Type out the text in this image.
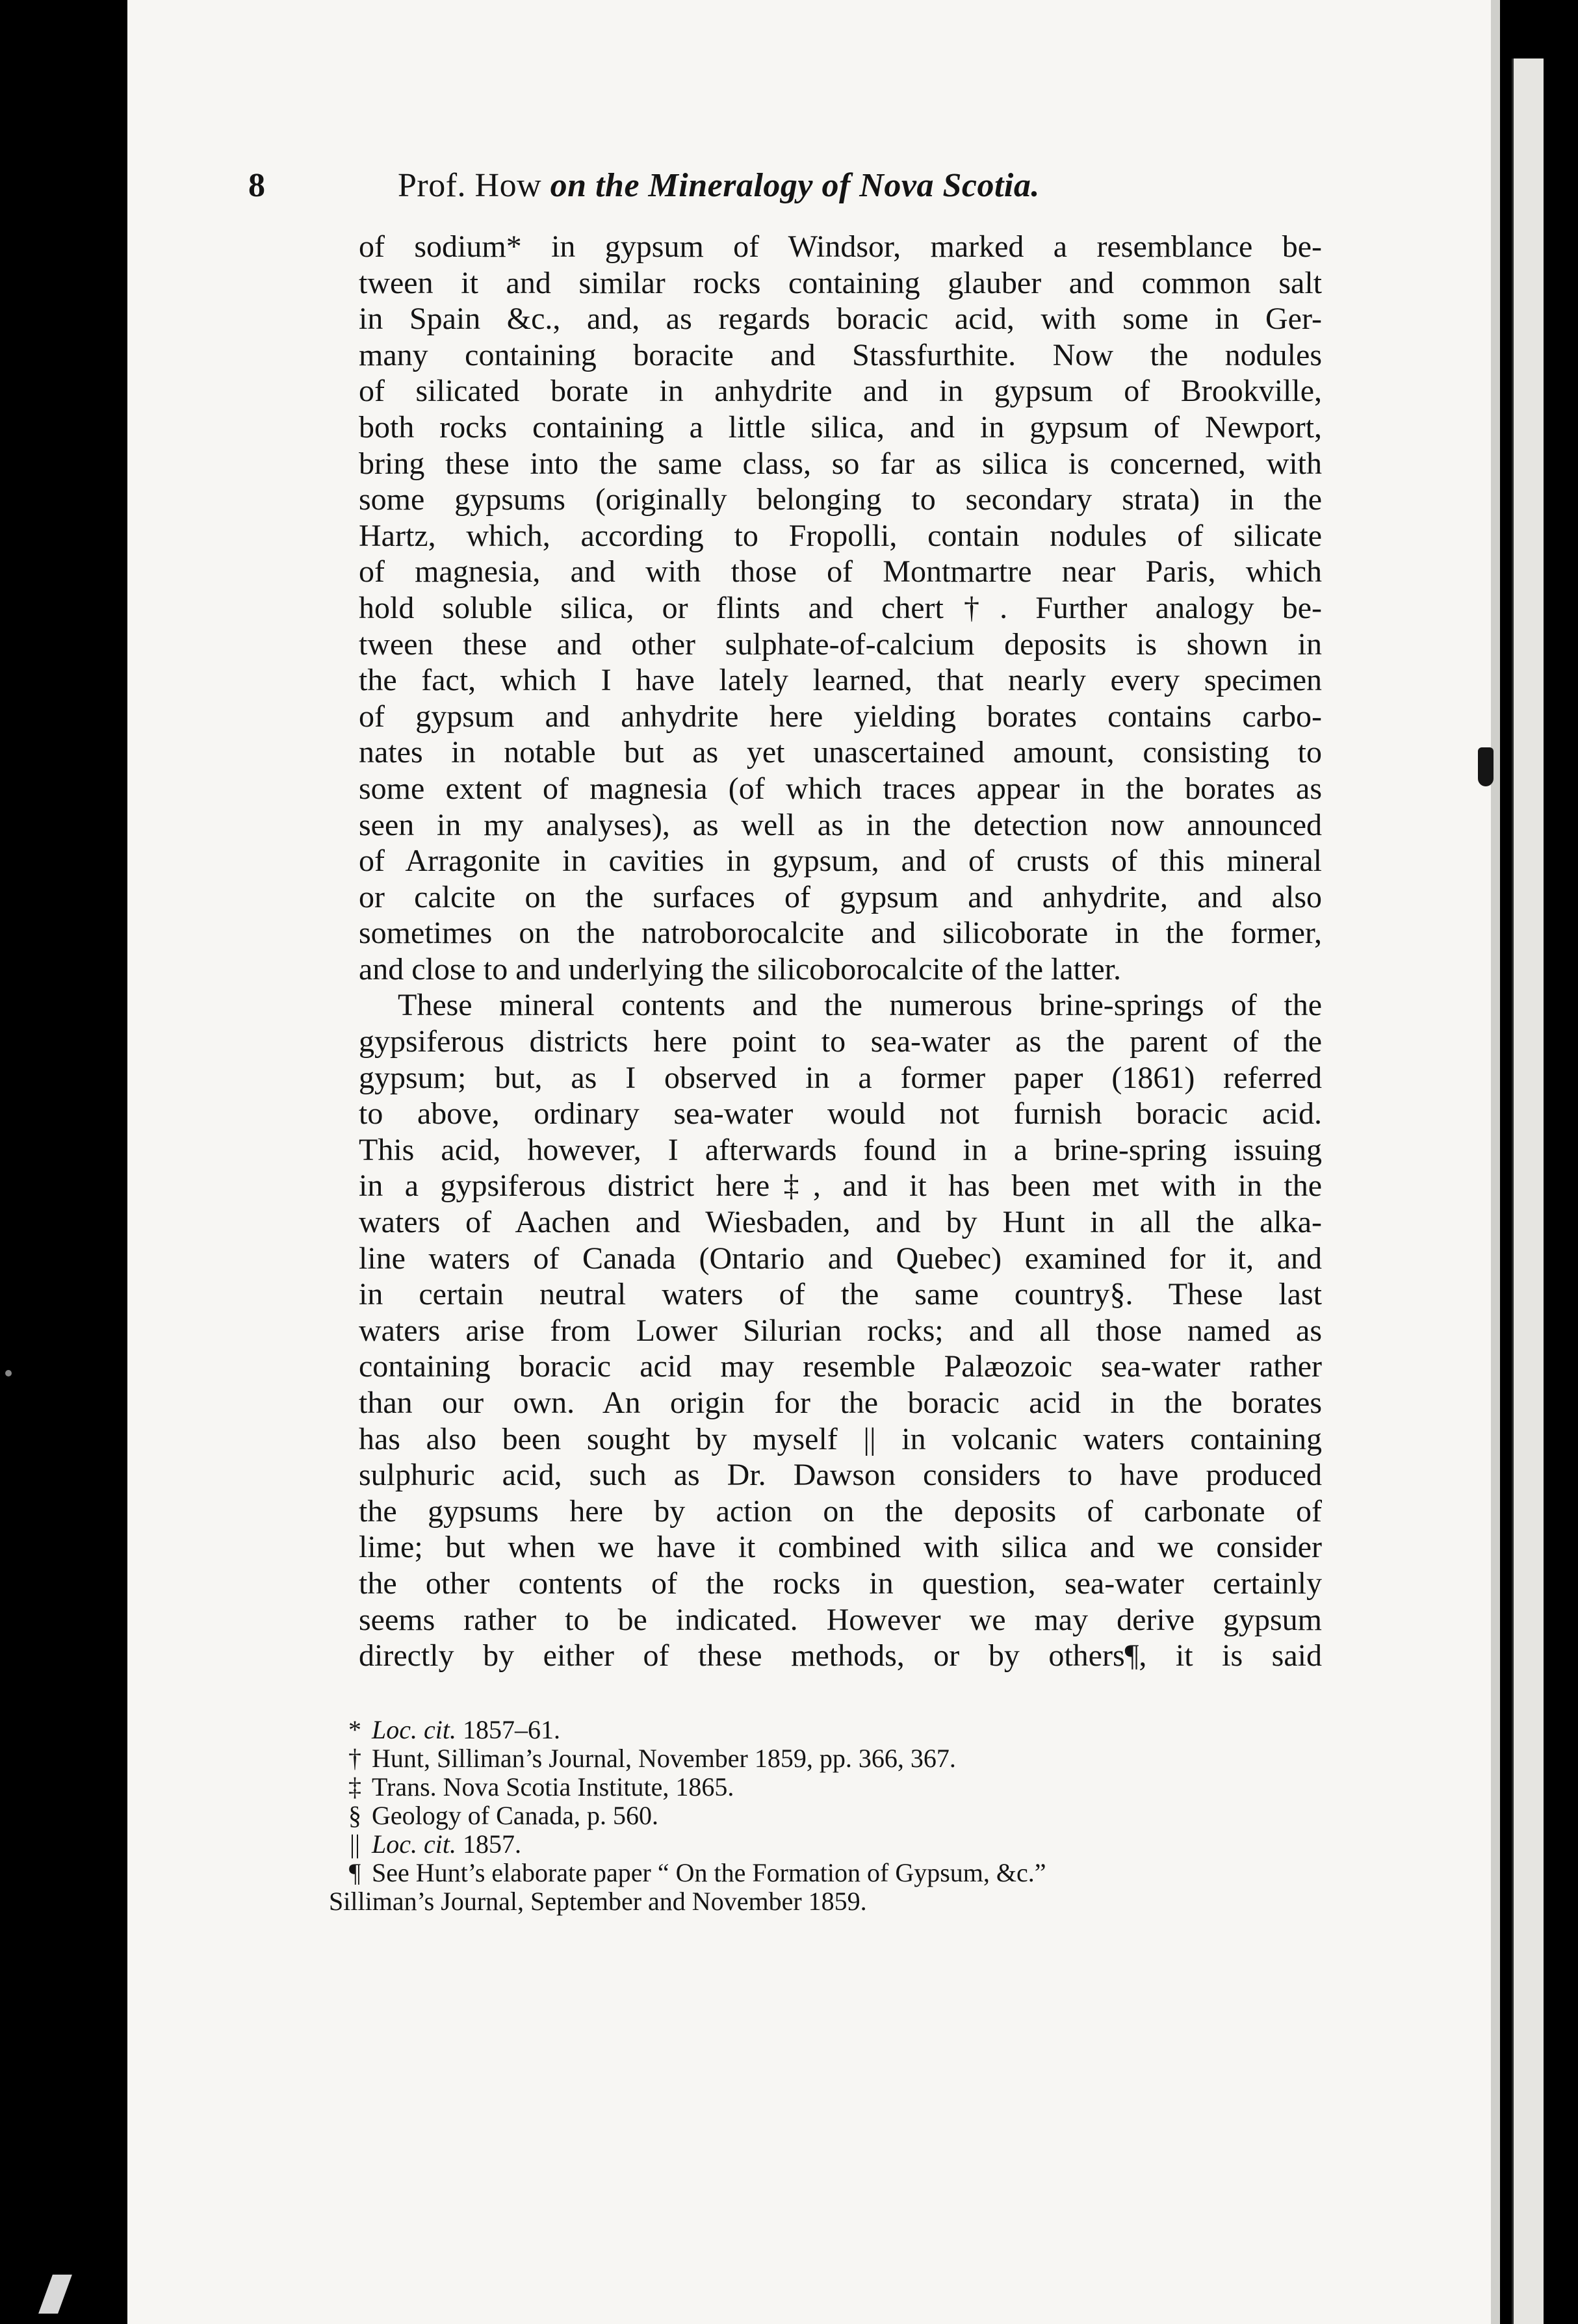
8	Prof. How on the Mineralogy of Nova Scotia.
of sodium* in gypsum of Windsor, marked a resemblance be-
tween it and similar rocks containing glauber and common salt
in Spain &c., and, as regards boracic acid, with some in Ger-
many containing boracite and Stassfurthite. Now the nodules
of silicated borate in anhydrite and in gypsum of Brookville,
both rocks containing a little silica, and in gypsum of Newport,
bring these into the same class, so far as silica is concerned, with
some gypsums (originally belonging to secondary strata) in the
Hartz, which, according to Fropolli, contain nodules of silicate
of magnesia, and with those of Montmartre near Paris, which
hold soluble silica, or flints and chert†. Further analogy be-
tween these and other sulphate-of-calcium deposits is shown in
the fact, which I have lately learned, that nearly every specimen
of gypsum and anhydrite here yielding borates contains carbo-
nates in notable but as yet unascertained amount, consisting to
some extent of magnesia (of which traces appear in the borates as
seen in my analyses), as well as in the detection now announced
of Arragonite in cavities in gypsum, and of crusts of this mineral
or calcite on the surfaces of gypsum and anhydrite, and also
sometimes on the natroborocalcite and silicoborate in the former,
and close to and underlying the silicoborocalcite of the latter.
These mineral contents and the numerous brine-springs of the
gypsiferous districts here point to sea-water as the parent of the
gypsum; but, as I observed in a former paper (1861) referred
to above, ordinary sea-water would not furnish boracic acid.
This acid, however, I afterwards found in a brine-spring issuing
in a gypsiferous district here‡, and it has been met with in the
waters of Aachen and Wiesbaden, and by Hunt in all the alka-
line waters of Canada (Ontario and Quebec) examined for it, and
in certain neutral waters of the same country§. These last
waters arise from Lower Silurian rocks; and all those named as
containing boracic acid may resemble Palæozoic sea-water rather
than our own. An origin for the boracic acid in the borates
has also been sought by myself || in volcanic waters containing
sulphuric acid, such as Dr. Dawson considers to have produced
the gypsums here by action on the deposits of carbonate of
lime; but when we have it combined with silica and we consider
the other contents of the rocks in question, sea-water certainly
seems rather to be indicated. However we may derive gypsum
directly by either of these methods, or by others¶, it is said
* Loc. cit. 1857–61.
† Hunt, Silliman’s Journal, November 1859, pp. 366, 367.
‡ Trans. Nova Scotia Institute, 1865.
§ Geology of Canada, p. 560.
|| Loc. cit. 1857.
¶ See Hunt’s elaborate paper “ On the Formation of Gypsum, &c.”
Silliman’s Journal, September and November 1859.
